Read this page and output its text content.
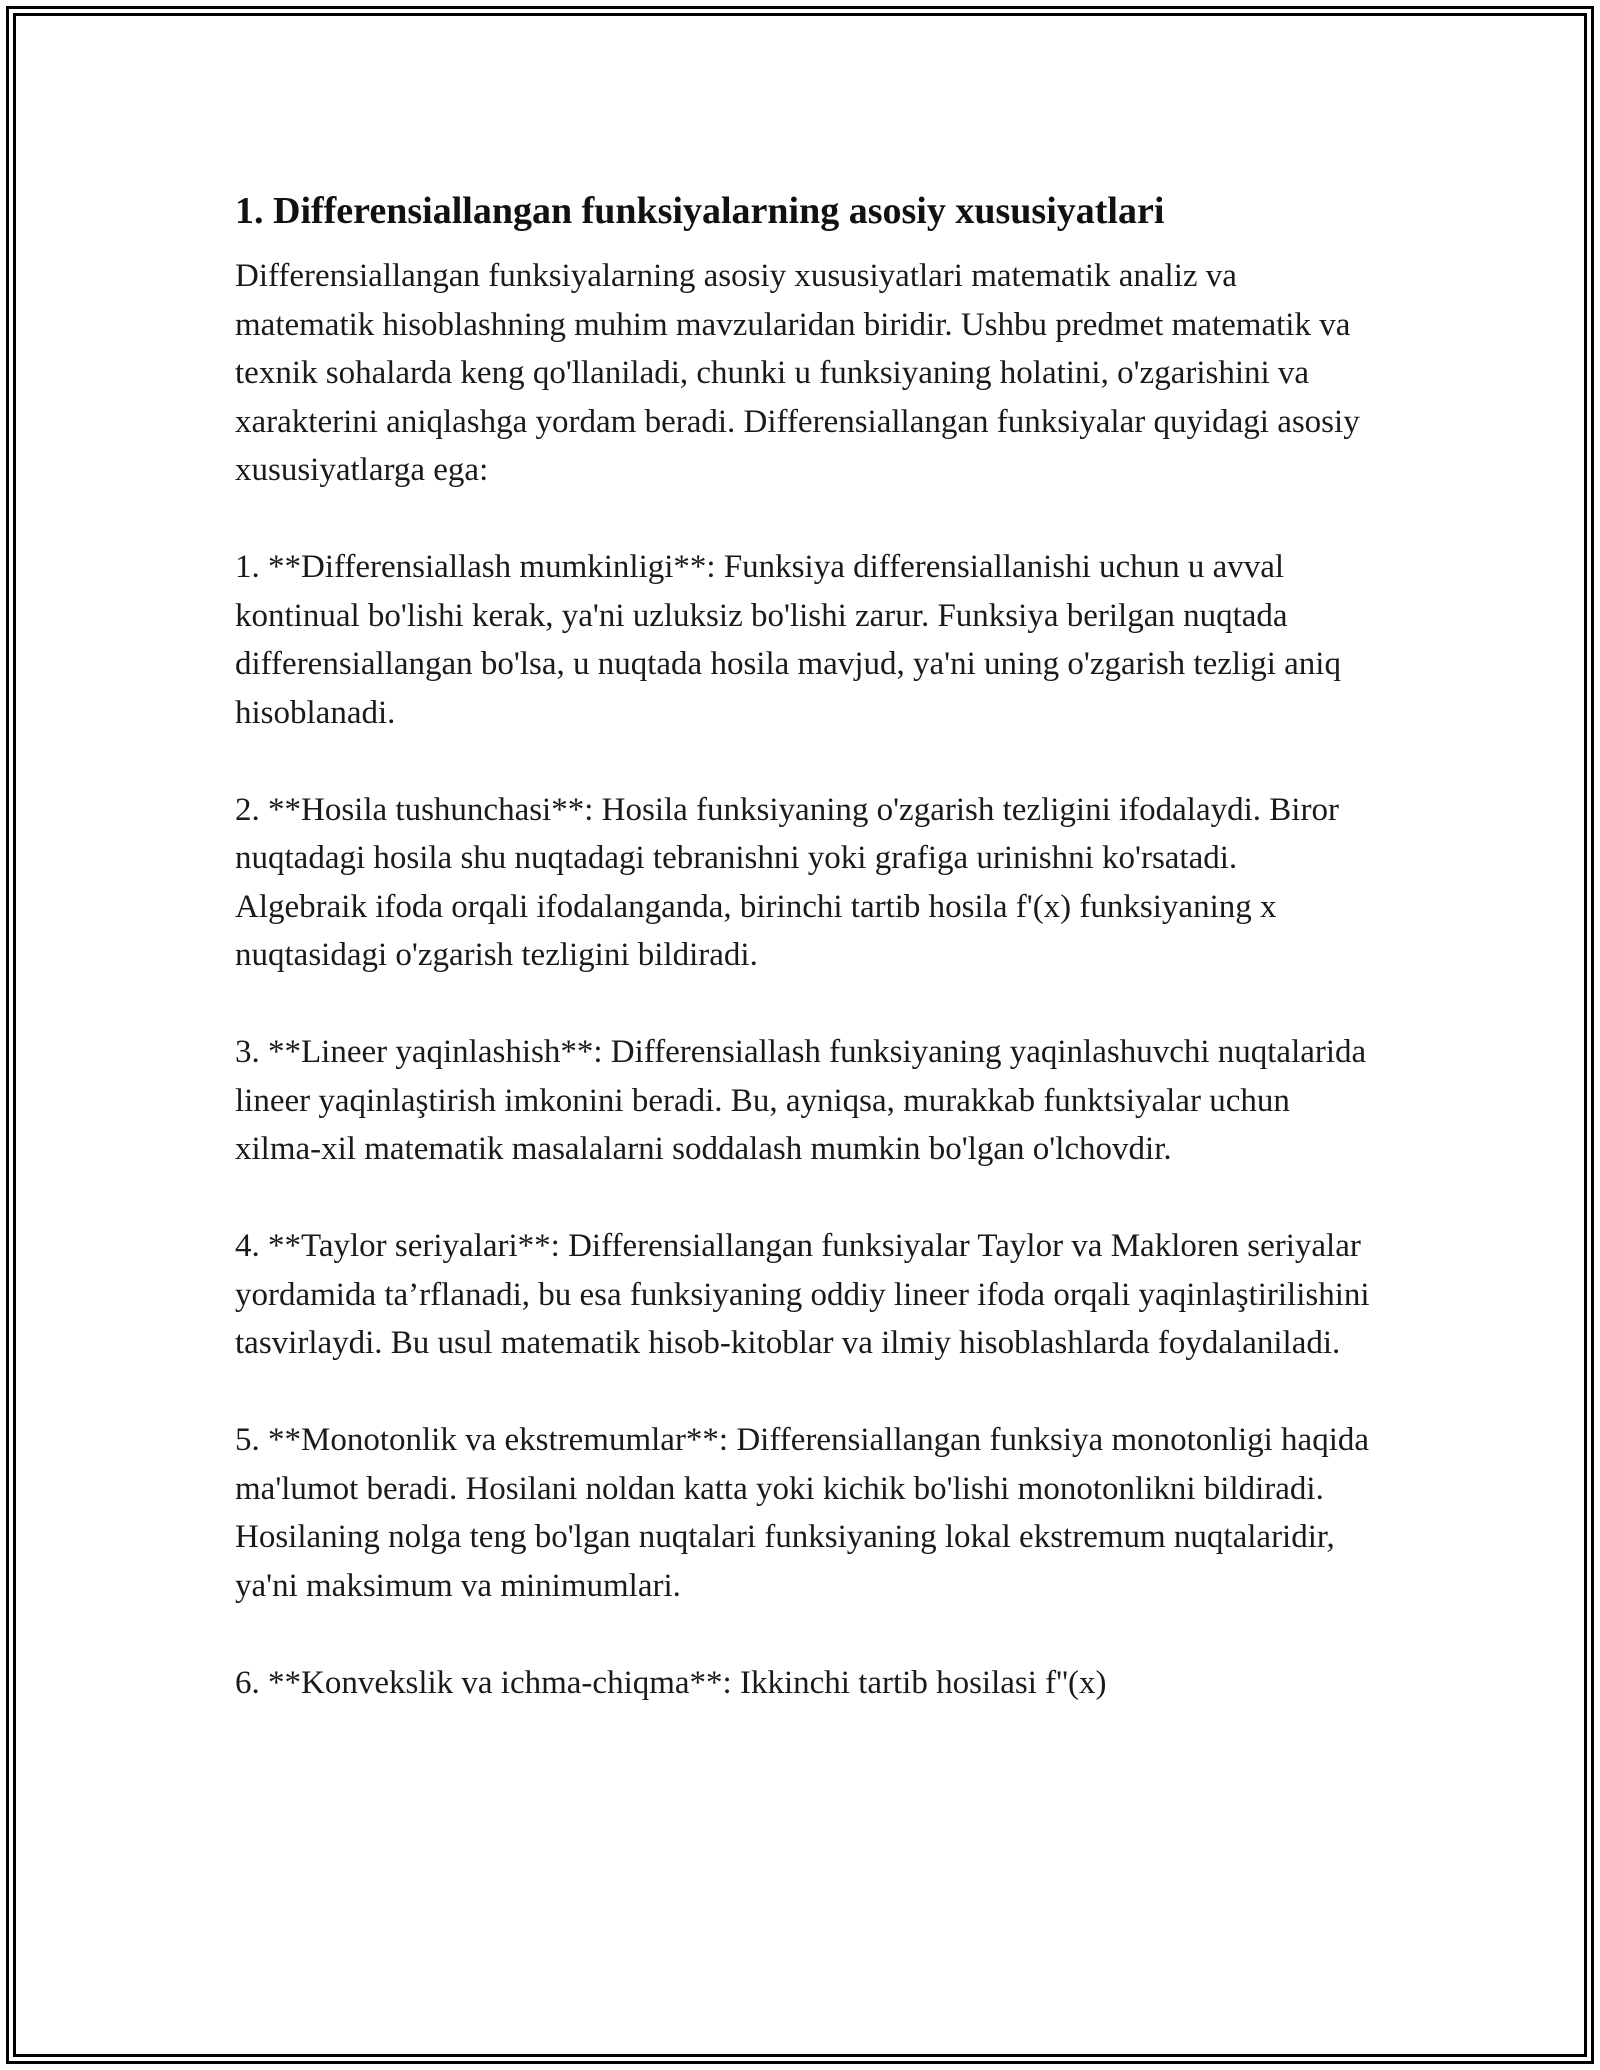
1. Differensiallangan funksiyalarning asosiy xususiyatlari

Differensiallangan funksiyalarning asosiy xususiyatlari matematik analiz va matematik hisoblashning muhim mavzularidan biridir. Ushbu predmet matematik va texnik sohalarda keng qo'llaniladi, chunki u funksiyaning holatini, o'zgarishini va xarakterini aniqlashga yordam beradi. Differensiallangan funksiyalar quyidagi asosiy xususiyatlarga ega:

1. **Differensiallash mumkinligi**: Funksiya differensiallanishi uchun u avval kontinual bo'lishi kerak, ya'ni uzluksiz bo'lishi zarur. Funksiya berilgan nuqtada differensiallangan bo'lsa, u nuqtada hosila mavjud, ya'ni uning o'zgarish tezligi aniq hisoblanadi.

2. **Hosila tushunchasi**: Hosila funksiyaning o'zgarish tezligini ifodalaydi. Biror nuqtadagi hosila shu nuqtadagi tebranishni yoki grafiga urinishni ko'rsatadi. Algebraik ifoda orqali ifodalanganda, birinchi tartib hosila f'(x) funksiyaning x nuqtasidagi o'zgarish tezligini bildiradi.

3. **Lineer yaqinlashish**: Differensiallash funksiyaning yaqinlashuvchi nuqtalarida lineer yaqinlaştirish imkonini beradi. Bu, ayniqsa, murakkab funktsiyalar uchun xilma-xil matematik masalalarni soddalash mumkin bo'lgan o'lchovdir.

4. **Taylor seriyalari**: Differensiallangan funksiyalar Taylor va Makloren seriyalar yordamida ta’rflanadi, bu esa funksiyaning oddiy lineer ifoda orqali yaqinlaştirilishini tasvirlaydi. Bu usul matematik hisob-kitoblar va ilmiy hisoblashlarda foydalaniladi.

5. **Monotonlik va ekstremumlar**: Differensiallangan funksiya monotonligi haqida ma'lumot beradi. Hosilani noldan katta yoki kichik bo'lishi monotonlikni bildiradi. Hosilaning nolga teng bo'lgan nuqtalari funksiyaning lokal ekstremum nuqtalaridir, ya'ni maksimum va minimumlari.

6. **Konvekslik va ichma-chiqma**: Ikkinchi tartib hosilasi f''(x)
